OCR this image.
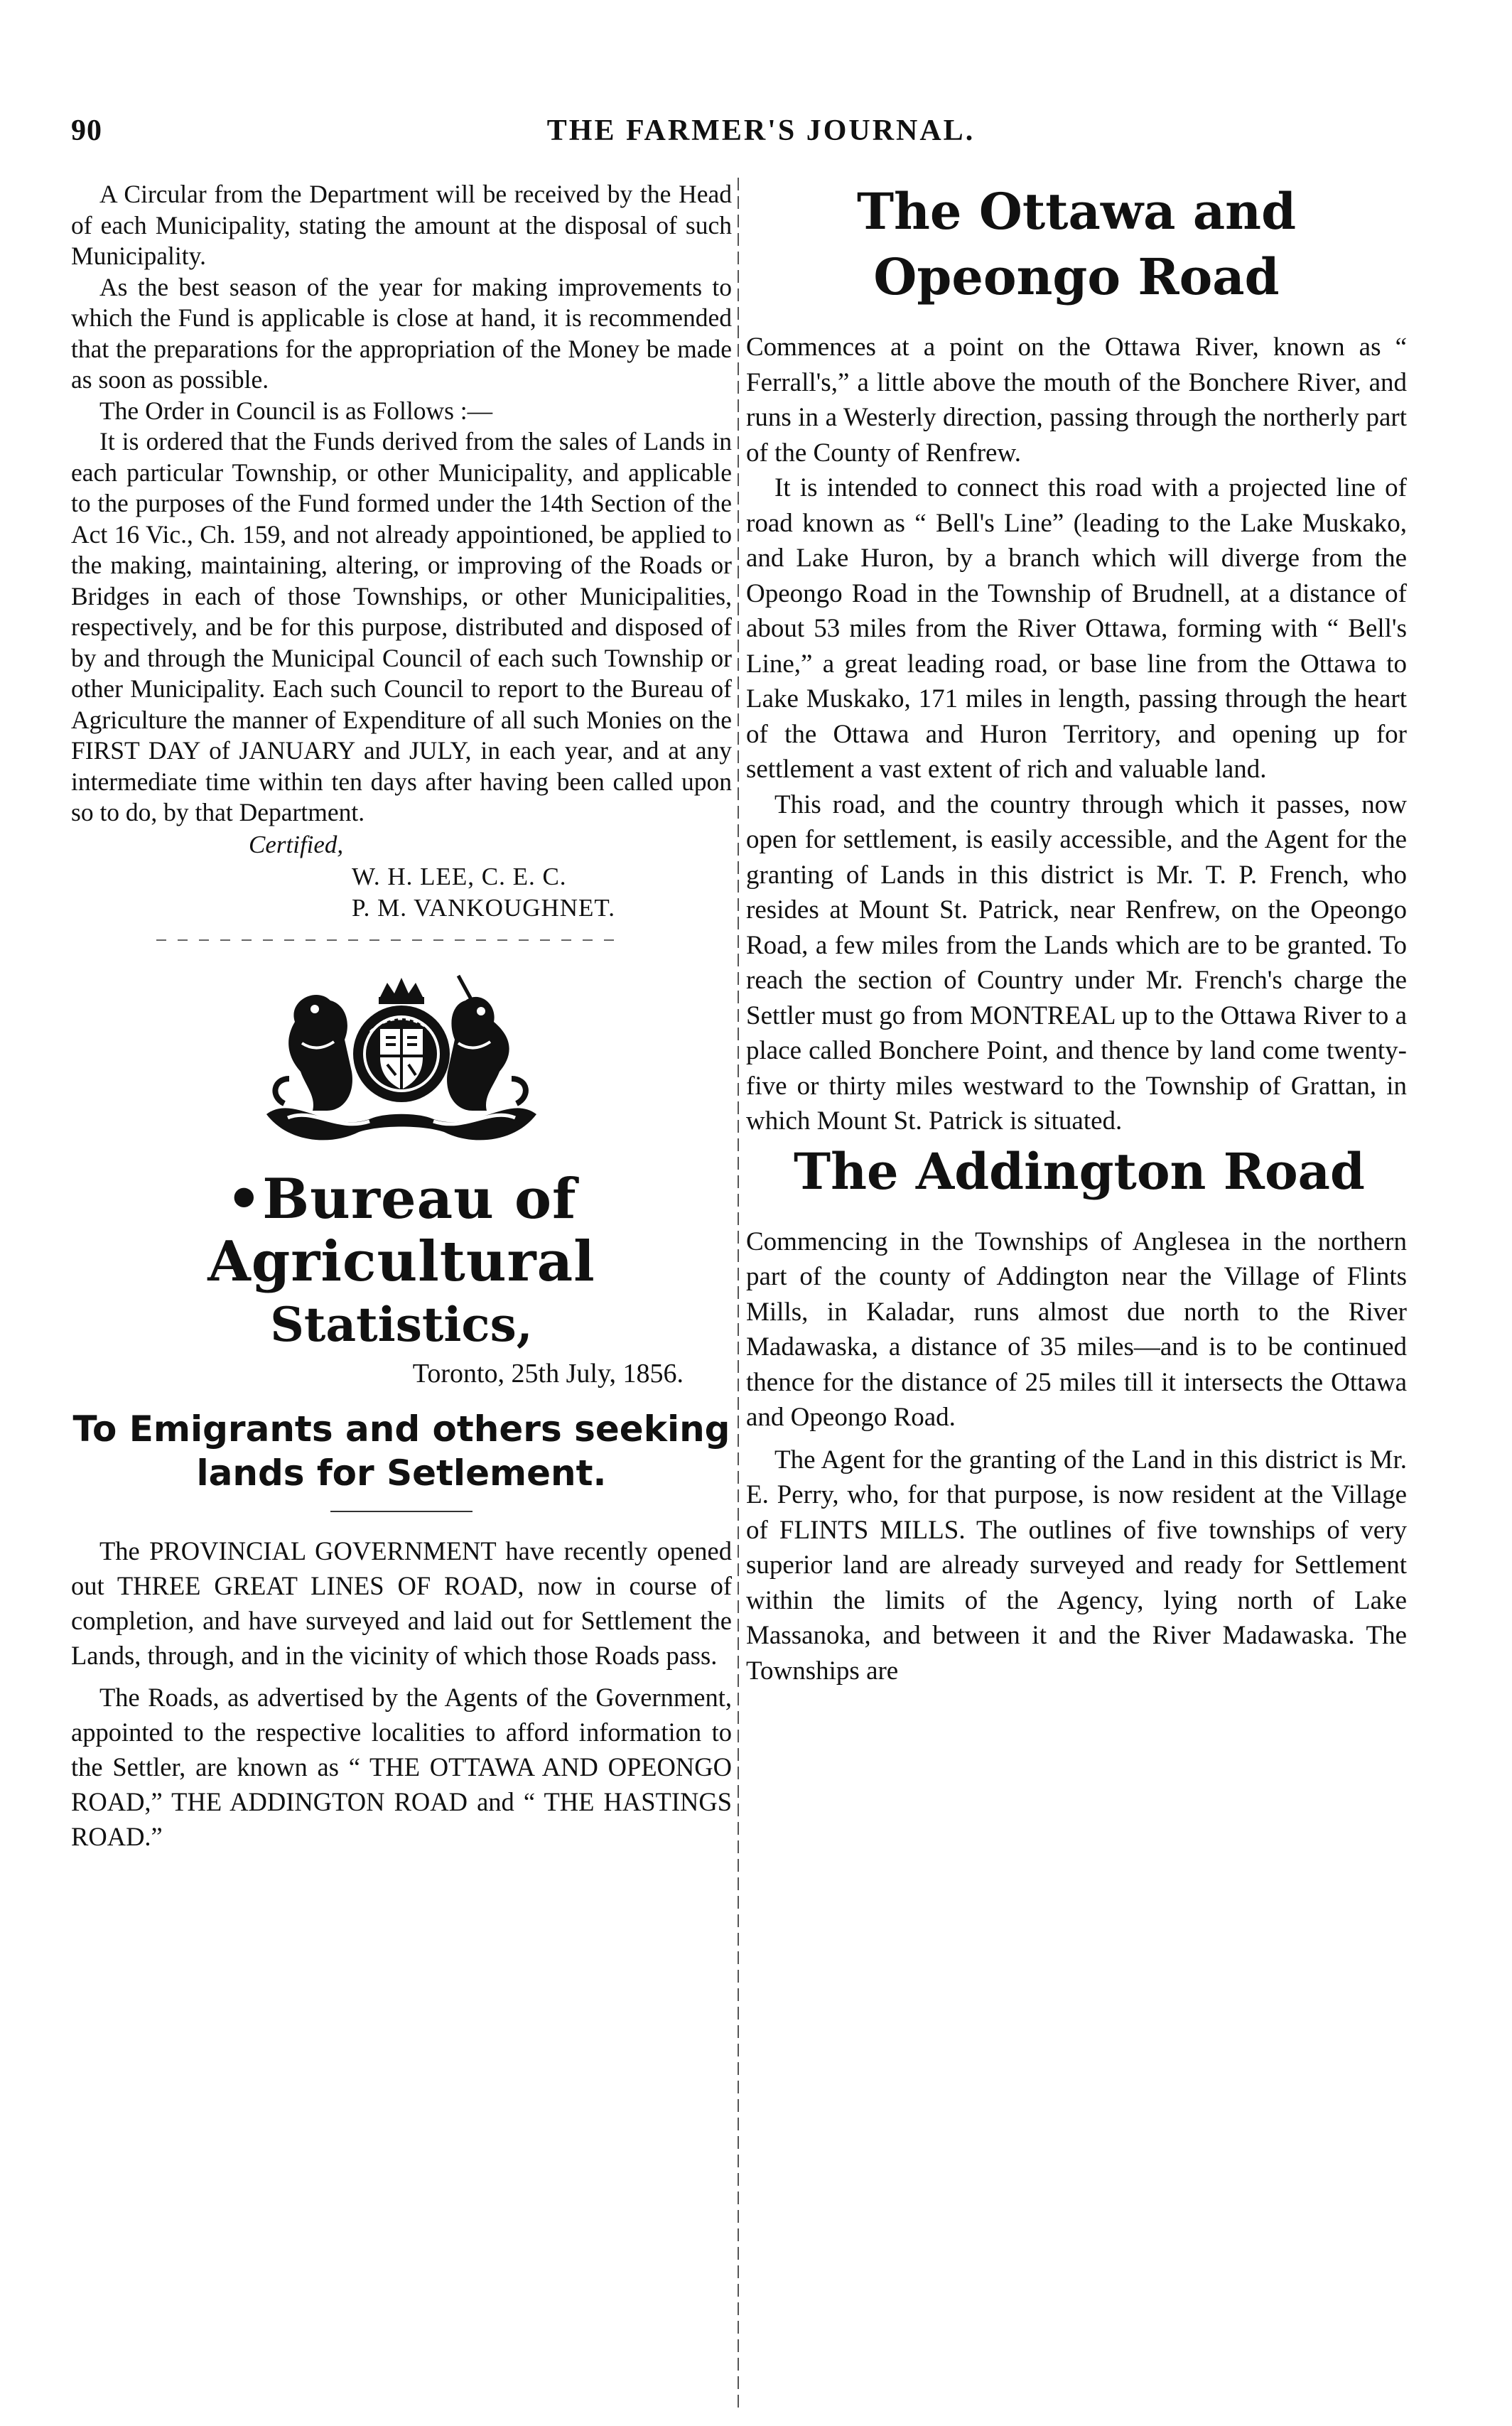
90	THE FARMER'S JOURNAL.

A Circular from the Department will be received by the Head of each Municipality, stating the amount at the disposal of such Municipality.

As the best season of the year for making improvements to which the Fund is applicable is close at hand, it is recommended that the preparations for the appropriation of the Money be made as soon as possible.

The Order in Council is as Follows :—

It is ordered that the Funds derived from the sales of Lands in each particular Township, or other Municipality, and applicable to the purposes of the Fund formed under the 14th Section of the Act 16 Vic., Ch. 159, and not already appointioned, be applied to the making, maintaining, altering, or improving of the Roads or Bridges in each of those Townships, or other Municipalities, respectively, and be for this purpose, distributed and disposed of by and through the Municipal Council of each such Township or other Municipality. Each such Council to report to the Bureau of Agriculture the manner of Expenditure of all such Monies on the FIRST DAY of JANUARY and JULY, in each year, and at any intermediate time within ten days after having been called upon so to do, by that Department.

Certified,
W. H. LEE, C. E. C.
P. M. VANKOUGHNET.
•Bureau of Agricultural
Statistics,
Toronto, 25th July, 1856.
To Emigrants and others seeking lands for Setlement.

The PROVINCIAL GOVERNMENT have recently opened out THREE GREAT LINES OF ROAD, now in course of completion, and have surveyed and laid out for Settlement the Lands, through, and in the vicinity of which those Roads pass.

The Roads, as advertised by the Agents of the Government, appointed to the respective localities to afford information to the Settler, are known as “ THE OTTAWA AND OPEONGO ROAD,” THE ADDINGTON ROAD and “ THE HASTINGS ROAD.”

The Ottawa and Opeongo Road

Commences at a point on the Ottawa River, known as “ Ferrall's,” a little above the mouth of the Bonchere River, and runs in a Westerly direction, passing through the northerly part of the County of Renfrew.

It is intended to connect this road with a projected line of road known as “ Bell's Line” (leading to the Lake Muskako, and Lake Huron, by a branch which will diverge from the Opeongo Road in the Township of Brudnell, at a distance of about 53 miles from the River Ottawa, forming with “ Bell's Line,” a great leading road, or base line from the Ottawa to Lake Muskako, 171 miles in length, passing through the heart of the Ottawa and Huron Territory, and opening up for settlement a vast extent of rich and valuable land.

This road, and the country through which it passes, now open for settlement, is easily accessible, and the Agent for the granting of Lands in this district is Mr. T. P. French, who resides at Mount St. Patrick, near Renfrew, on the Opeongo Road, a few miles from the Lands which are to be granted. To reach the section of Country under Mr. French's charge the Settler must go from MONTREAL up to the Ottawa River to a place called Bonchere Point, and thence by land come twenty-five or thirty miles westward to the Township of Grattan, in which Mount St. Patrick is situated.

The Addington Road

Commencing in the Townships of Anglesea in the northern part of the county of Addington near the Village of Flints Mills, in Kaladar, runs almost due north to the River Madawaska, a distance of 35 miles—and is to be continued thence for the distance of 25 miles till it intersects the Ottawa and Opeongo Road.

The Agent for the granting of the Land in this district is Mr. E. Perry, who, for that purpose, is now resident at the Village of FLINTS MILLS. The outlines of five townships of very superior land are already surveyed and ready for Settlement within the limits of the Agency, lying north of Lake Massanoka, and between it and the River Madawaska. The Townships are
